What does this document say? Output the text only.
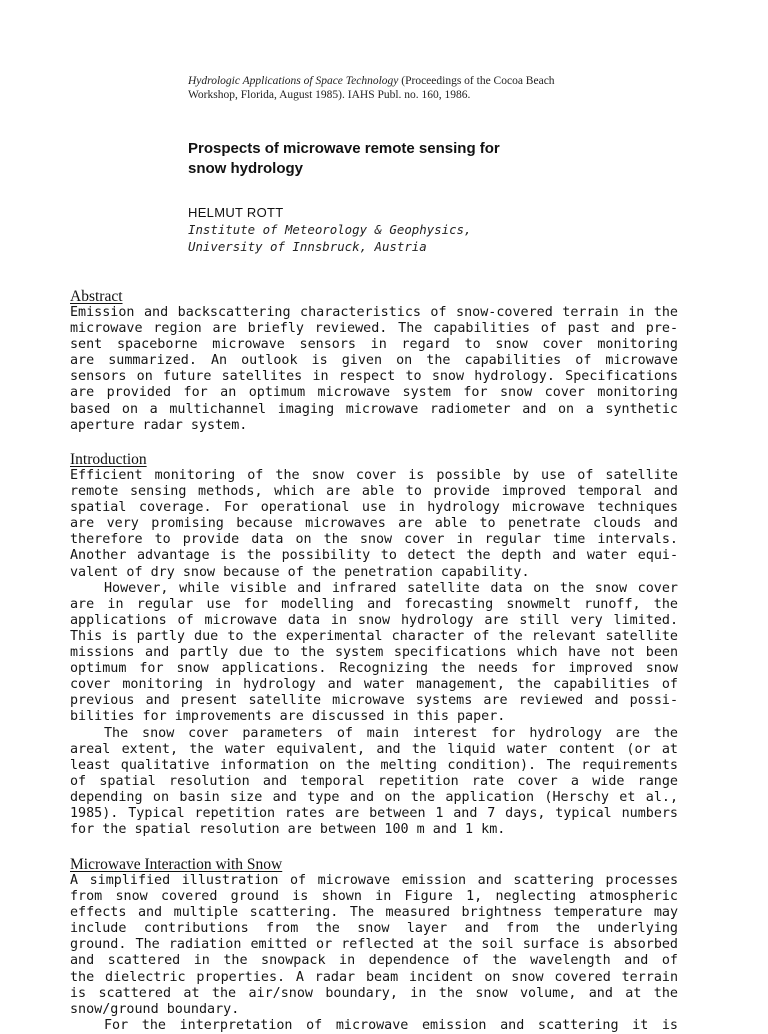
Hydrologic Applications of Space Technology (Proceedings of the Cocoa Beach
Workshop, Florida, August 1985). IAHS Publ. no. 160, 1986.
Prospects of microwave remote sensing for
snow hydrology
HELMUT ROTT
Institute of Meteorology & Geophysics,
University of Innsbruck, Austria
Abstract
Emission and backscattering characteristics of snow-covered terrain in the
microwave region are briefly reviewed. The capabilities of past and pre-
sent spaceborne microwave sensors in regard to snow cover monitoring
are summarized. An outlook is given on the capabilities of microwave
sensors on future satellites in respect to snow hydrology. Specifications
are provided for an optimum microwave system for snow cover monitoring
based on a multichannel imaging microwave radiometer and on a synthetic
aperture radar system.
Introduction
Efficient monitoring of the snow cover is possible by use of satellite
remote sensing methods, which are able to provide improved temporal and
spatial coverage. For operational use in hydrology microwave techniques
are very promising because microwaves are able to penetrate clouds and
therefore to provide data on the snow cover in regular time intervals.
Another advantage is the possibility to detect the depth and water equi-
valent of dry snow because of the penetration capability.
However, while visible and infrared satellite data on the snow cover
are in regular use for modelling and forecasting snowmelt runoff, the
applications of microwave data in snow hydrology are still very limited.
This is partly due to the experimental character of the relevant satellite
missions and partly due to the system specifications which have not been
optimum for snow applications. Recognizing the needs for improved snow
cover monitoring in hydrology and water management, the capabilities of
previous and present satellite microwave systems are reviewed and possi-
bilities for improvements are discussed in this paper.
The snow cover parameters of main interest for hydrology are the
areal extent, the water equivalent, and the liquid water content (or at
least qualitative information on the melting condition). The requirements
of spatial resolution and temporal repetition rate cover a wide range
depending on basin size and type and on the application (Herschy et al.,
1985). Typical repetition rates are between 1 and 7 days, typical numbers
for the spatial resolution are between 100 m and 1 km.
Microwave Interaction with Snow
A simplified illustration of microwave emission and scattering processes
from snow covered ground is shown in Figure 1, neglecting atmospheric
effects and multiple scattering. The measured brightness temperature may
include contributions from the snow layer and from the underlying
ground. The radiation emitted or reflected at the soil surface is absorbed
and scattered in the snowpack in dependence of the wavelength and of
the dielectric properties. A radar beam incident on snow covered terrain
is scattered at the air/snow boundary, in the snow volume, and at the
snow/ground boundary.
For the interpretation of microwave emission and scattering it is
